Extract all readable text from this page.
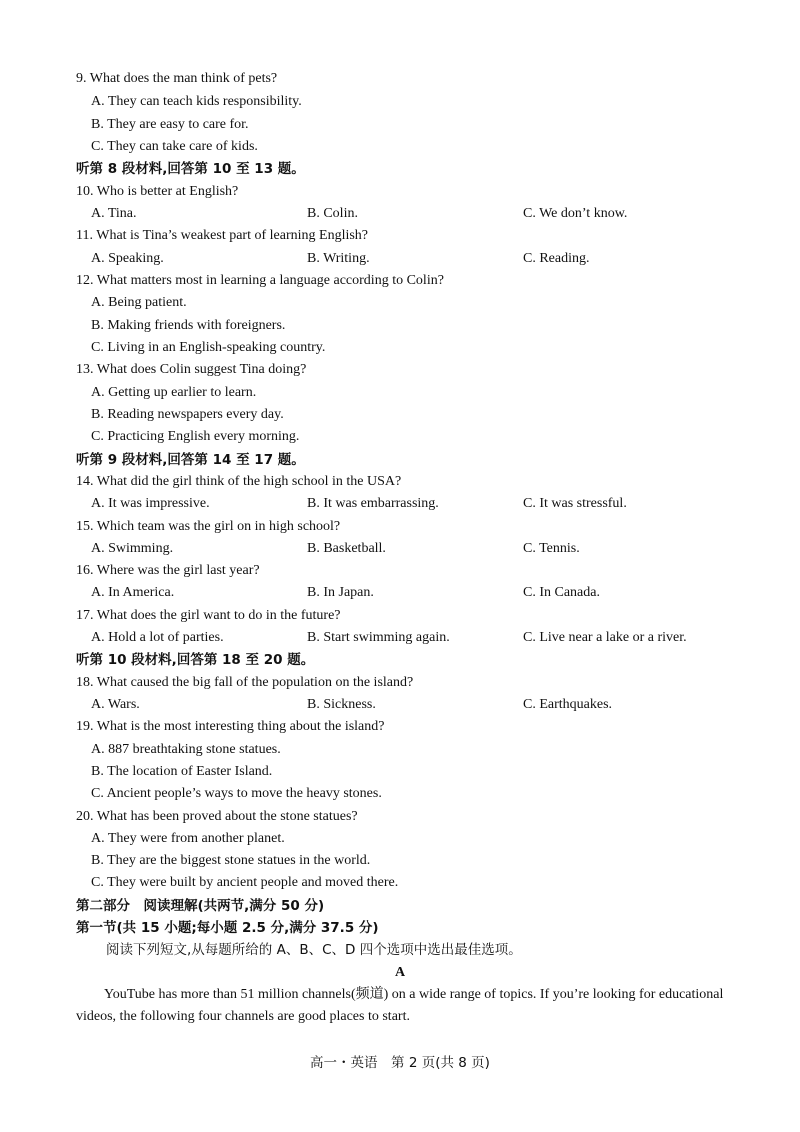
9. What does the man think of pets?
A. They can teach kids responsibility.
B. They are easy to care for.
C. They can take care of kids.
听第 8 段材料,回答第 10 至 13 题。
10. Who is better at English?
A. Tina.	B. Colin.	C. We don’t know.
11. What is Tina’s weakest part of learning English?
A. Speaking.	B. Writing.	C. Reading.
12. What matters most in learning a language according to Colin?
A. Being patient.
B. Making friends with foreigners.
C. Living in an English-speaking country.
13. What does Colin suggest Tina doing?
A. Getting up earlier to learn.
B. Reading newspapers every day.
C. Practicing English every morning.
听第 9 段材料,回答第 14 至 17 题。
14. What did the girl think of the high school in the USA?
A. It was impressive.	B. It was embarrassing.	C. It was stressful.
15. Which team was the girl on in high school?
A. Swimming.	B. Basketball.	C. Tennis.
16. Where was the girl last year?
A. In America.	B. In Japan.	C. In Canada.
17. What does the girl want to do in the future?
A. Hold a lot of parties.	B. Start swimming again.	C. Live near a lake or a river.
听第 10 段材料,回答第 18 至 20 题。
18. What caused the big fall of the population on the island?
A. Wars.	B. Sickness.	C. Earthquakes.
19. What is the most interesting thing about the island?
A. 887 breathtaking stone statues.
B. The location of Easter Island.
C. Ancient people’s ways to move the heavy stones.
20. What has been proved about the stone statues?
A. They were from another planet.
B. They are the biggest stone statues in the world.
C. They were built by ancient people and moved there.
第二部分　阅读理解(共两节,满分 50 分)
第一节(共 15 小题;每小题 2.5 分,满分 37.5 分)
阅读下列短文,从每题所给的 A、B、C、D 四个选项中选出最佳选项。
A
YouTube has more than 51 million channels(频道) on a wide range of topics. If you’re looking for educational videos, the following four channels are good places to start.
高一・英语　第 2 页(共 8 页)
